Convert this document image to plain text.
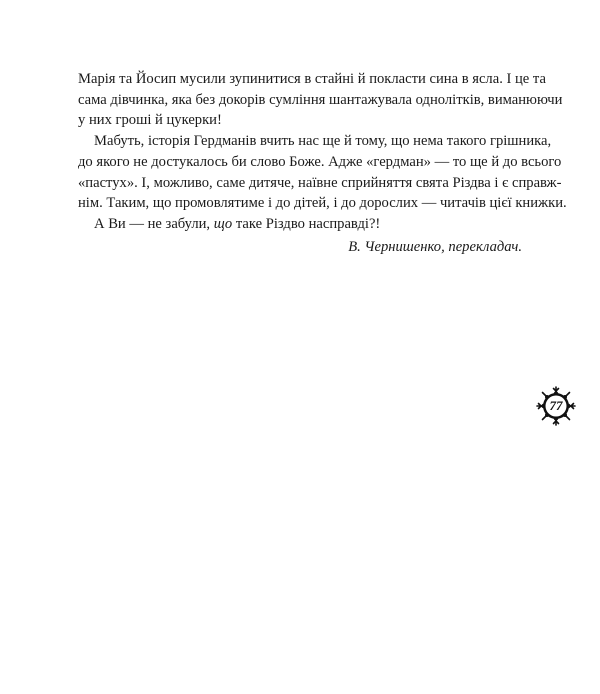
Марія та Йосип мусили зупинитися в стайні й покласти сина в ясла. І це та
сама дівчинка, яка без докорів сумління шантажувала однолітків, виманюючи
у них гроші й цукерки!

Мабуть, історія Гердманів вчить нас ще й тому, що нема такого грішника,
до якого не достукалось би слово Боже. Адже «гердман» — то ще й до всього
«пастух». І, можливо, саме дитяче, наївне сприйняття свята Різдва і є справж-
нім. Таким, що промовлятиме і до дітей, і до дорослих — читачів цієї книжки.

А Ви — не забули, що таке Різдво насправді?!

В. Чернишенко, перекладач.
77
